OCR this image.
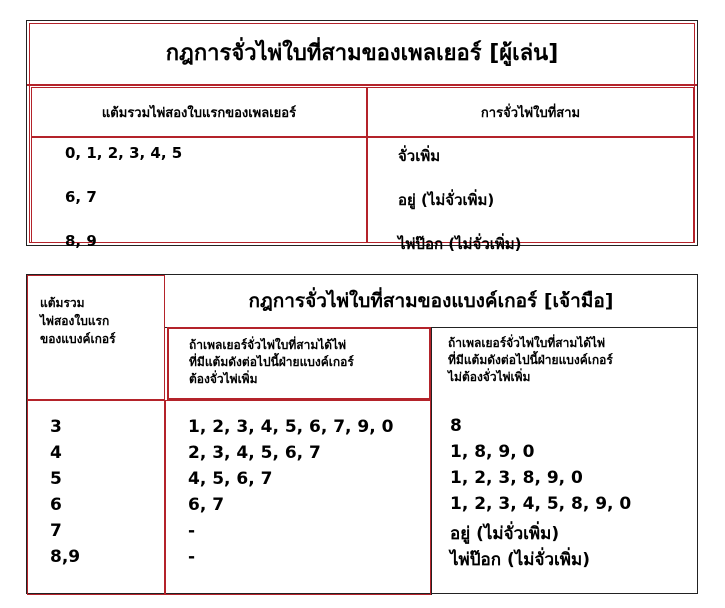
กฎการจั่วไพ่ใบที่สามของเพลเยอร์ [ผู้เล่น]
แต้มรวมไพ่สองใบแรกของเพลเยอร์	การจั่วไพ่ใบที่สาม
0, 1, 2, 3, 4, 5
6, 7
8, 9
จั่วเพิ่ม
อยู่ (ไม่จั่วเพิ่ม)
ไพ่ป๊อก (ไม่จั่วเพิ่ม)
แต้มรวม
ไพ่สองใบแรก
ของแบงค์เกอร์
กฎการจั่วไพ่ใบที่สามของแบงค์เกอร์ [เจ้ามือ]
ถ้าเพลเยอร์จั่วไพ่ใบที่สามได้ไพ่
ที่มีแต้มดังต่อไปนี้ฝ่ายแบงค์เกอร์
ต้องจั่วไพ่เพิ่ม
ถ้าเพลเยอร์จั่วไพ่ใบที่สามได้ไพ่
ที่มีแต้มดังต่อไปนี้ฝ่ายแบงค์เกอร์
ไม่ต้องจั่วไพ่เพิ่ม
3
4
5
6
7
8,9
1, 2, 3, 4, 5, 6, 7, 9, 0
2, 3, 4, 5, 6, 7
4, 5, 6, 7
6, 7
-
-
8
1, 8, 9, 0
1, 2, 3, 8, 9, 0
1, 2, 3, 4, 5, 8, 9, 0
อยู่ (ไม่จั่วเพิ่ม)
ไพ่ป๊อก (ไม่จั่วเพิ่ม)
